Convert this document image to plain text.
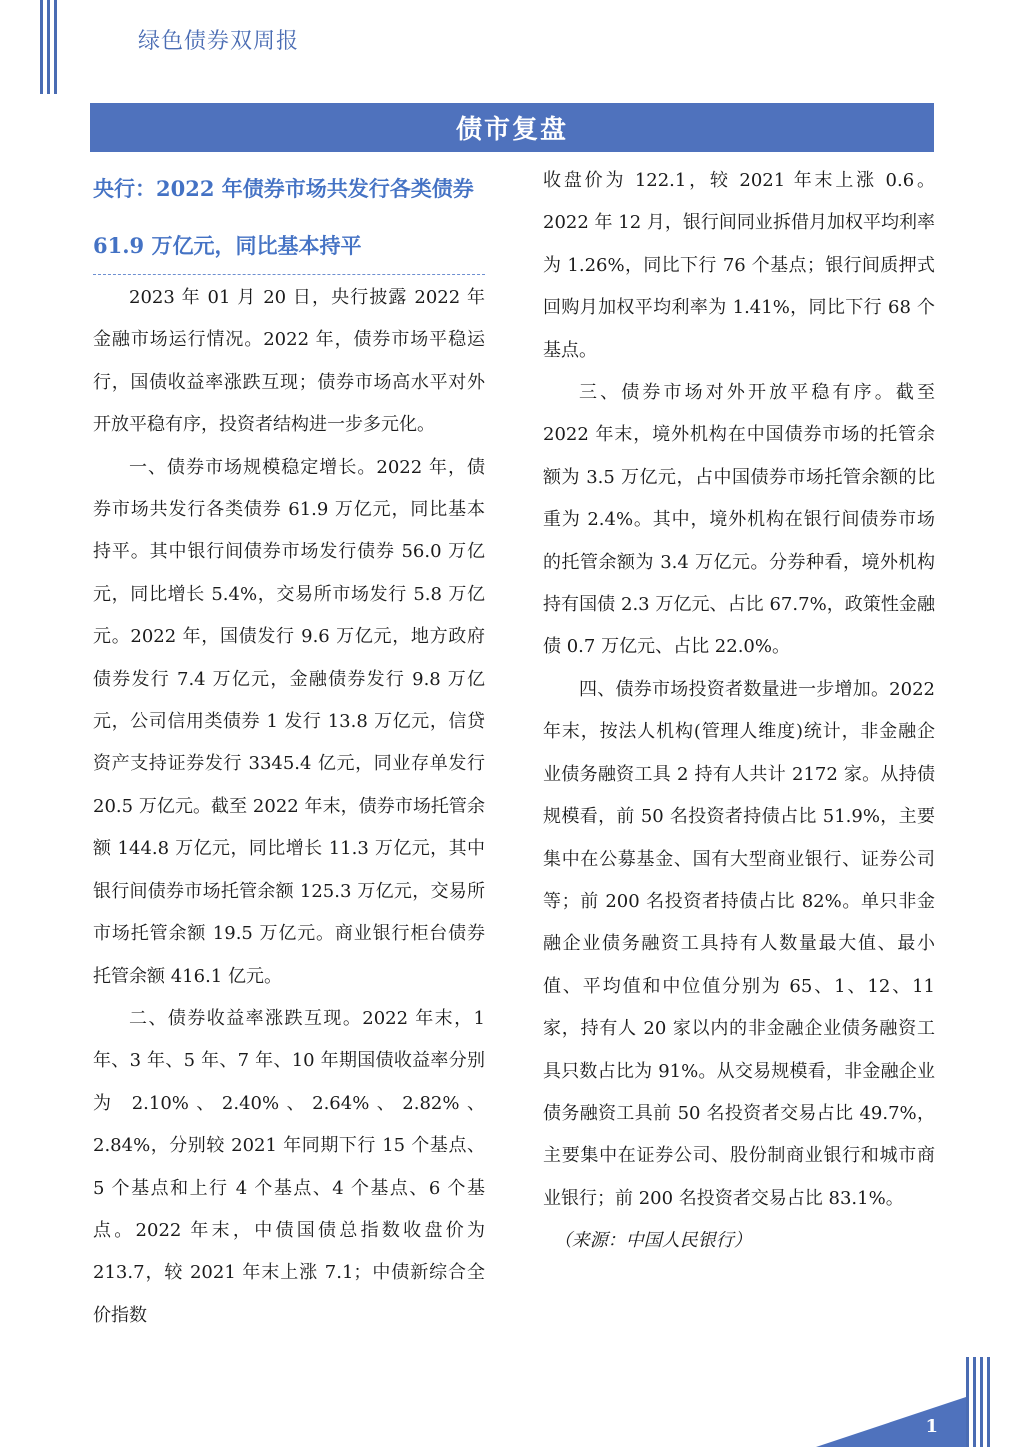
绿色债券双周报
债市复盘
央行：2022 年债券市场共发行各类债券 61.9 万亿元，同比基本持平

2023 年 01 月 20 日，央行披露 2022 年金融市场运行情况。2022 年，债券市场平稳运行，国债收益率涨跌互现；债券市场高水平对外开放平稳有序，投资者结构进一步多元化。

一、债券市场规模稳定增长。2022 年，债券市场共发行各类债券 61.9 万亿元，同比基本持平。其中银行间债券市场发行债券 56.0 万亿元，同比增长 5.4%，交易所市场发行 5.8 万亿元。2022 年，国债发行 9.6 万亿元，地方政府债券发行 7.4 万亿元，金融债券发行 9.8 万亿元，公司信用类债券 1 发行 13.8 万亿元，信贷资产支持证券发行 3345.4 亿元，同业存单发行 20.5 万亿元。截至 2022 年末，债券市场托管余额 144.8 万亿元，同比增长 11.3 万亿元，其中银行间债券市场托管余额 125.3 万亿元，交易所市场托管余额 19.5 万亿元。商业银行柜台债券托管余额 416.1 亿元。

二、债券收益率涨跌互现。2022 年末，1 年、3 年、5 年、7 年、10 年期国债收益率分别为 2.10%、2.40%、2.64%、2.82%、2.84%，分别较 2021 年同期下行 15 个基点、5 个基点和上行 4 个基点、4 个基点、6 个基点。2022 年末，中债国债总指数收盘价为 213.7，较 2021 年末上涨 7.1；中债新综合全价指数

收盘价为 122.1，较 2021 年末上涨 0.6。2022 年 12 月，银行间同业拆借月加权平均利率为 1.26%，同比下行 76 个基点；银行间质押式回购月加权平均利率为 1.41%，同比下行 68 个基点。

三、债券市场对外开放平稳有序。截至 2022 年末，境外机构在中国债券市场的托管余额为 3.5 万亿元，占中国债券市场托管余额的比重为 2.4%。其中，境外机构在银行间债券市场的托管余额为 3.4 万亿元。分券种看，境外机构持有国债 2.3 万亿元、占比 67.7%，政策性金融债 0.7 万亿元、占比 22.0%。

四、债券市场投资者数量进一步增加。2022 年末，按法人机构(管理人维度)统计，非金融企业债务融资工具 2 持有人共计 2172 家。从持债规模看，前 50 名投资者持债占比 51.9%，主要集中在公募基金、国有大型商业银行、证券公司等；前 200 名投资者持债占比 82%。单只非金融企业债务融资工具持有人数量最大值、最小值、平均值和中位值分别为 65、1、12、11 家，持有人 20 家以内的非金融企业债务融资工具只数占比为 91%。从交易规模看，非金融企业债务融资工具前 50 名投资者交易占比 49.7%，主要集中在证券公司、股份制商业银行和城市商业银行；前 200 名投资者交易占比 83.1%。

（来源：中国人民银行）

1
